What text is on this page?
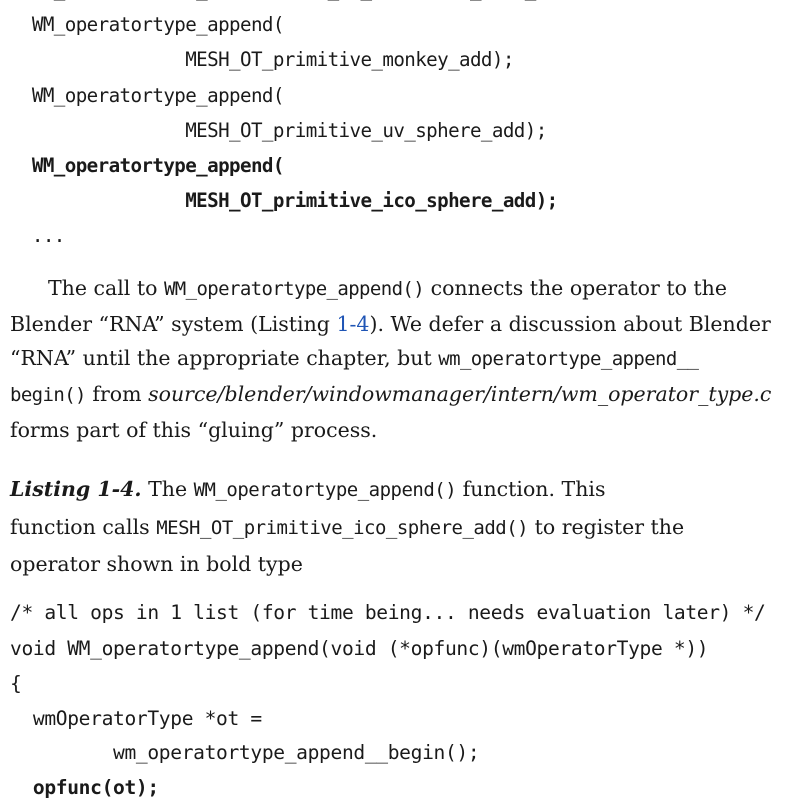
WM_operatortype_append(
MESH_OT_primitive_monkey_add);
WM_operatortype_append(
MESH_OT_primitive_uv_sphere_add);
WM_operatortype_append(
MESH_OT_primitive_ico_sphere_add);
...

The call to WM_operatortype_append() connects the operator to the

Blender “RNA” system (Listing 1-4). We defer a discussion about Blender

“RNA” until the appropriate chapter, but wm_operatortype_append__

begin() from source/blender/windowmanager/intern/wm_operator_type.c

forms part of this “gluing” process.

Listing 1-4. The WM_operatortype_append() function. This

function calls MESH_OT_primitive_ico_sphere_add() to register the

operator shown in bold type

/* all ops in 1 list (for time being... needs evaluation later) */
void WM_operatortype_append(void (*opfunc)(wmOperatorType *))
{
wmOperatorType *ot =
wm_operatortype_append__begin();
opfunc(ot);
